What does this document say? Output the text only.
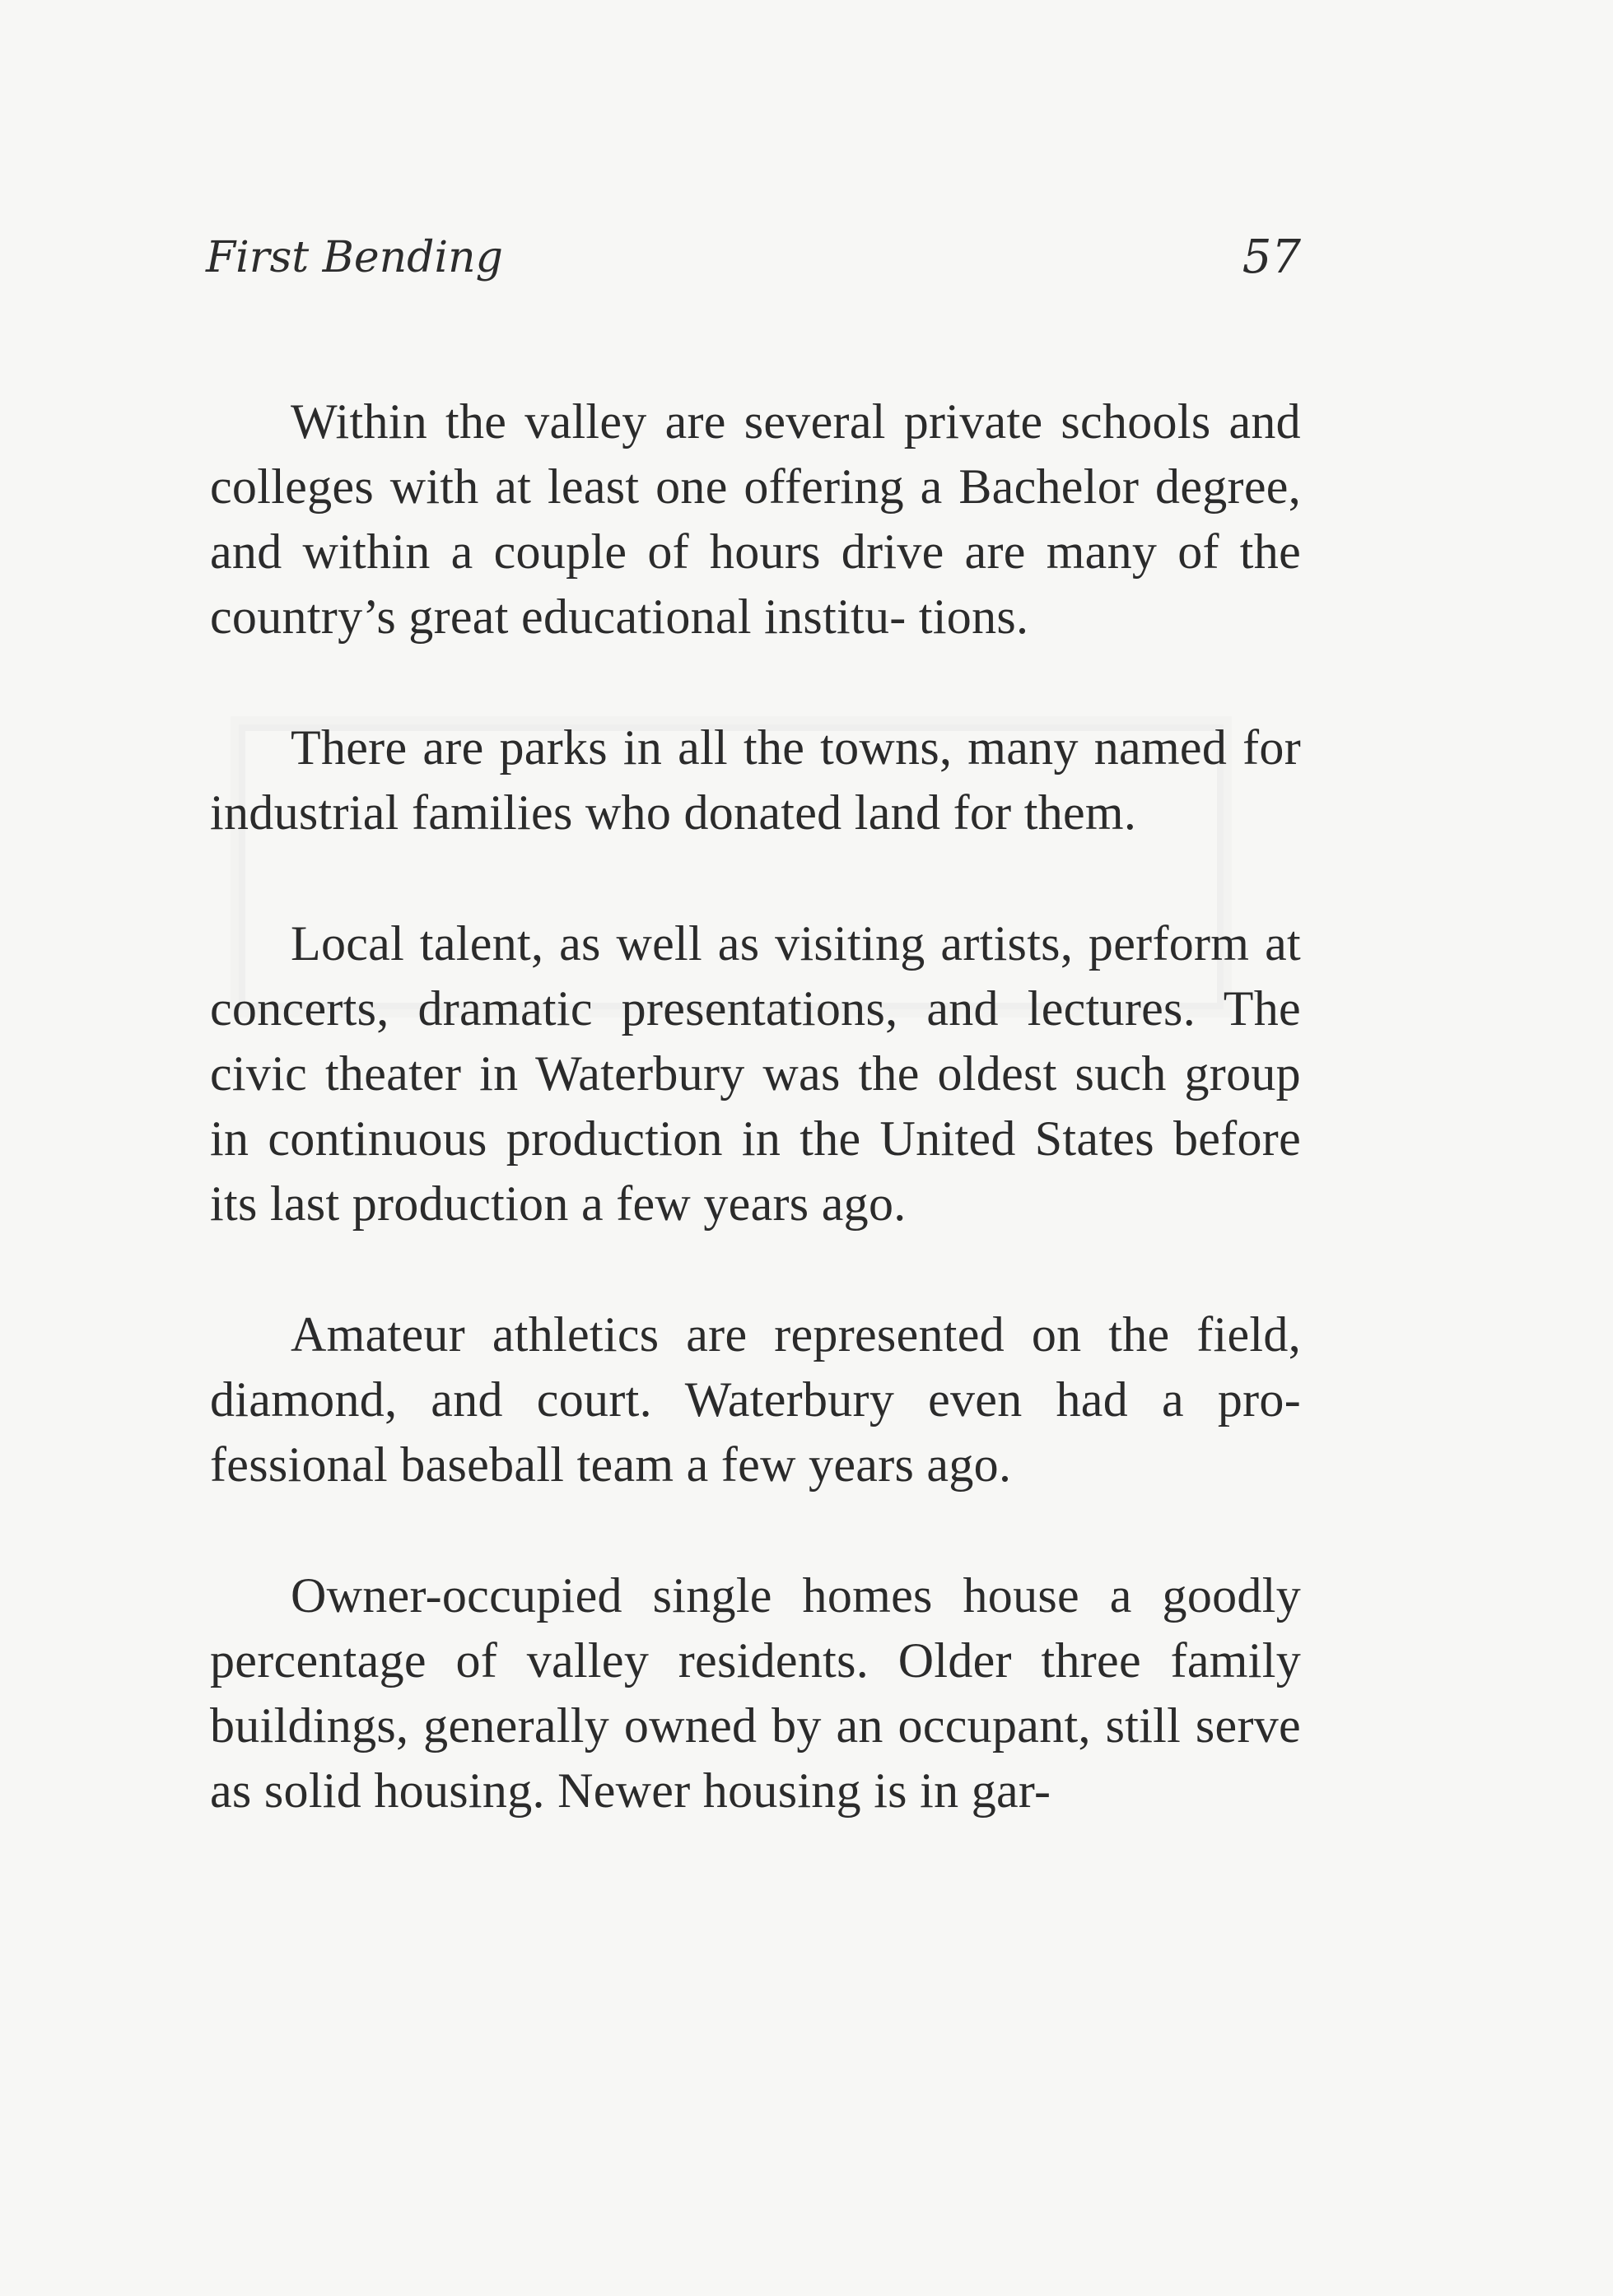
First Bending	57

Within the valley are several private schools and colleges with at least one offering a Bachelor degree, and within a couple of hours drive are many of the country’s great educational institu- tions.

There are parks in all the towns, many named for industrial families who donated land for them.

Local talent, as well as visiting artists, perform at concerts, dramatic presentations, and lectures. The civic theater in Waterbury was the oldest such group in continuous production in the United States before its last production a few years ago.

Amateur athletics are represented on the field, diamond, and court. Waterbury even had a pro- fessional baseball team a few years ago.

Owner-occupied single homes house a goodly percentage of valley residents. Older three family buildings, generally owned by an occupant, still serve as solid housing. Newer housing is in gar-
